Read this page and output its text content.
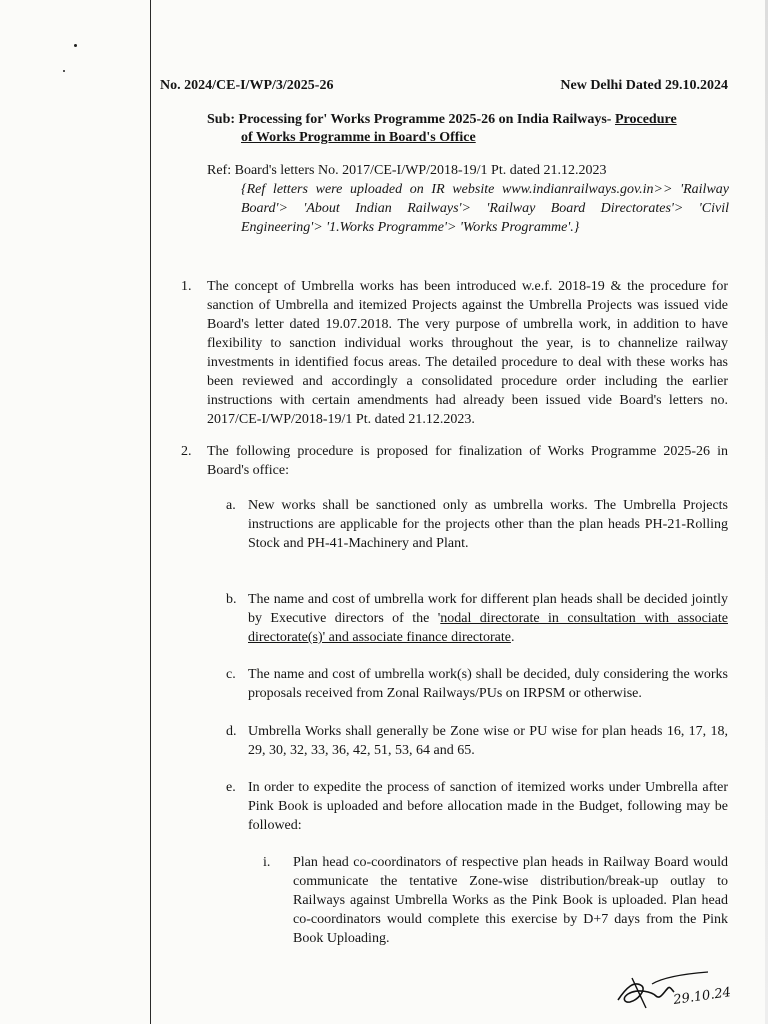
No. 2024/CE-I/WP/3/2025-26	New Delhi Dated 29.10.2024
Sub: Processing for' Works Programme 2025-26 on India Railways- Procedure
of Works Programme in Board's Office
Ref: Board's letters No. 2017/CE-I/WP/2018-19/1 Pt. dated 21.12.2023
{Ref letters were uploaded on IR website www.indianrailways.gov.in>> 'Railway Board'> 'About Indian Railways'> 'Railway Board Directorates'> 'Civil Engineering'> '1.Works Programme'> 'Works Programme'.}
1. The concept of Umbrella works has been introduced w.e.f. 2018-19 & the procedure for sanction of Umbrella and itemized Projects against the Umbrella Projects was issued vide Board's letter dated 19.07.2018. The very purpose of umbrella work, in addition to have flexibility to sanction individual works throughout the year, is to channelize railway investments in identified focus areas. The detailed procedure to deal with these works has been reviewed and accordingly a consolidated procedure order including the earlier instructions with certain amendments had already been issued vide Board's letters no. 2017/CE-I/WP/2018-19/1 Pt. dated 21.12.2023.
2. The following procedure is proposed for finalization of Works Programme 2025-26 in Board's office:
a. New works shall be sanctioned only as umbrella works. The Umbrella Projects instructions are applicable for the projects other than the plan heads PH-21-Rolling Stock and PH-41-Machinery and Plant.
b. The name and cost of umbrella work for different plan heads shall be decided jointly by Executive directors of the 'nodal directorate in consultation with associate directorate(s)' and associate finance directorate.
c. The name and cost of umbrella work(s) shall be decided, duly considering the works proposals received from Zonal Railways/PUs on IRPSM or otherwise.
d. Umbrella Works shall generally be Zone wise or PU wise for plan heads 16, 17, 18, 29, 30, 32, 33, 36, 42, 51, 53, 64 and 65.
e. In order to expedite the process of sanction of itemized works under Umbrella after Pink Book is uploaded and before allocation made in the Budget, following may be followed:
i. Plan head co-coordinators of respective plan heads in Railway Board would communicate the tentative Zone-wise distribution/break-up outlay to Railways against Umbrella Works as the Pink Book is uploaded. Plan head co-coordinators would complete this exercise by D+7 days from the Pink Book Uploading.
29.10.24
